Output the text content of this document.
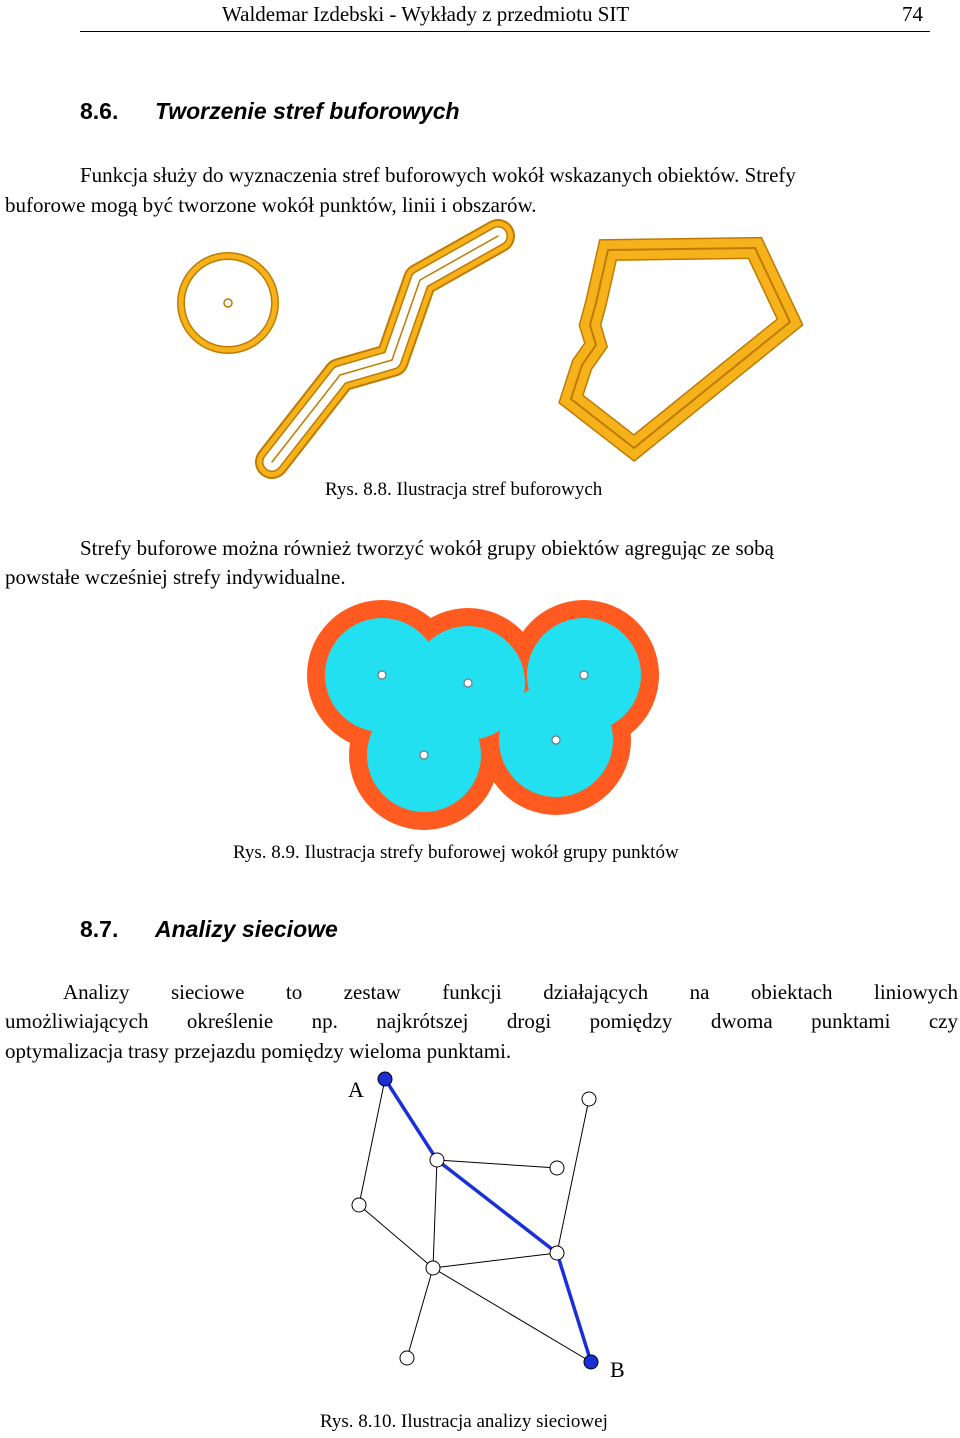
Waldemar Izdebski - Wykłady z przedmiotu SIT	74
8.6. Tworzenie stref buforowych
Funkcja służy do wyznaczenia stref buforowych wokół wskazanych obiektów. Strefy
buforowe mogą być tworzone wokół punktów, linii i obszarów.
Rys. 8.8. Ilustracja stref buforowych
Strefy buforowe można również tworzyć wokół grupy obiektów agregując ze sobą
powstałe wcześniej strefy indywidualne.
Rys. 8.9. Ilustracja strefy buforowej wokół grupy punktów
8.7. Analizy sieciowe
Analizy sieciowe to zestaw funkcji działających na obiektach liniowych
umożliwiających określenie np. najkrótszej drogi pomiędzy dwoma punktami czy
optymalizacja trasy przejazdu pomiędzy wieloma punktami.
A
B
Rys. 8.10. Ilustracja analizy sieciowej
